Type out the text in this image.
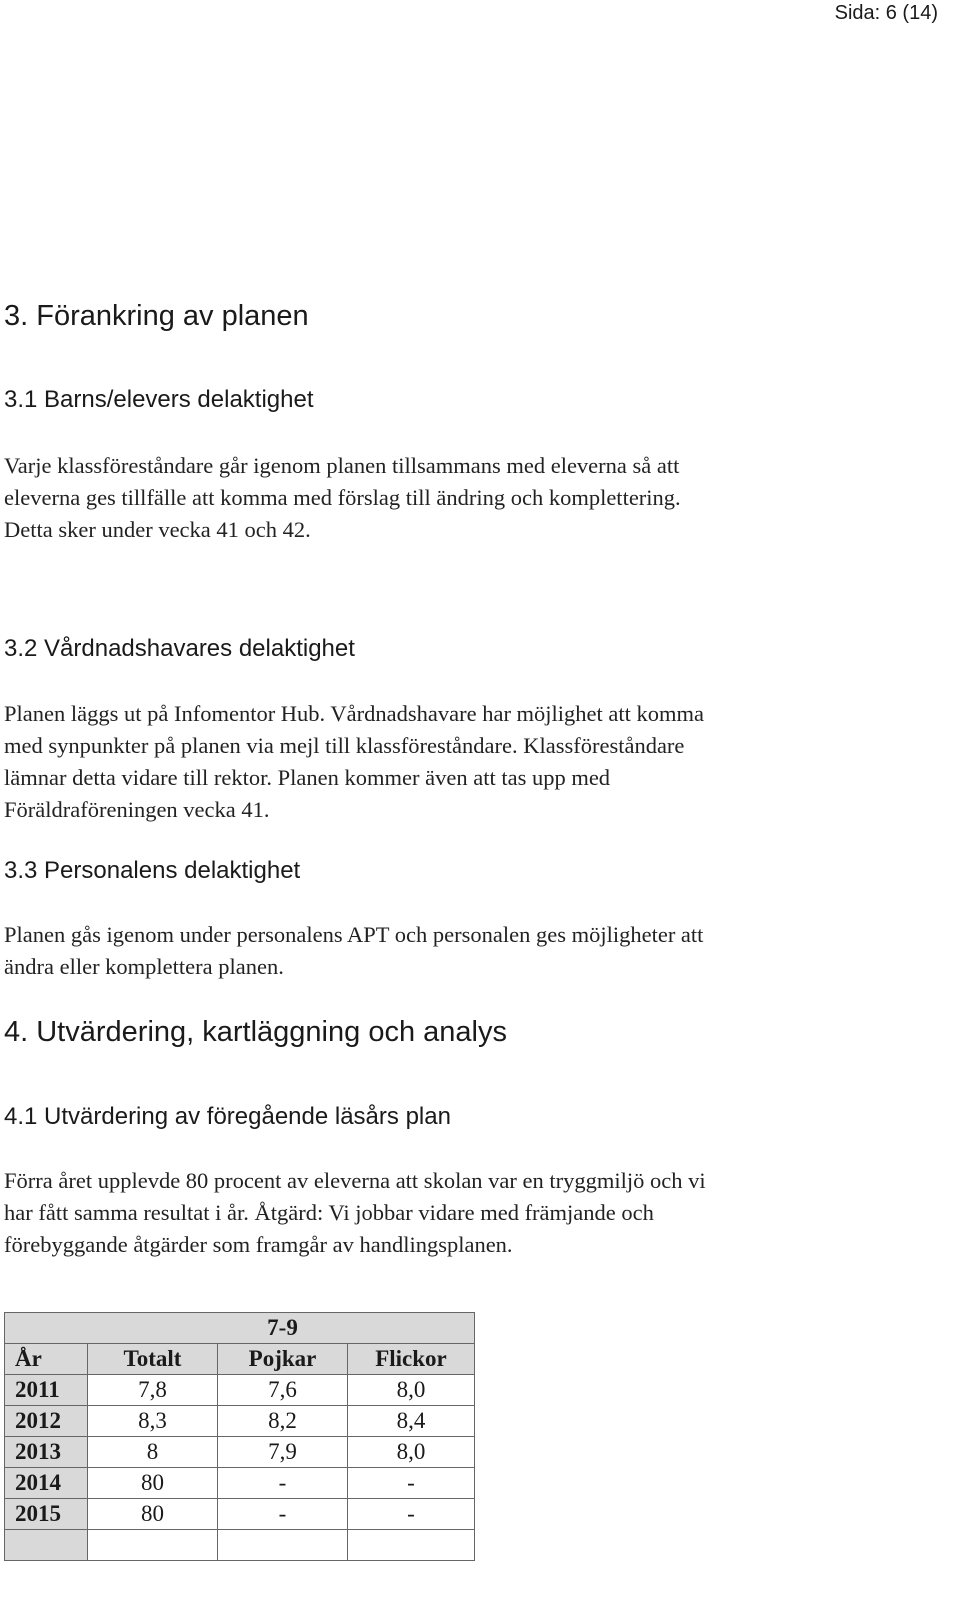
Sida: 6 (14)
3. Förankring av planen
3.1 Barns/elevers delaktighet

Varje klassföreståndare går igenom planen tillsammans med eleverna så att

eleverna ges tillfälle att komma med förslag till ändring och komplettering.

Detta sker under vecka 41 och 42.

3.2 Vårdnadshavares delaktighet

Planen läggs ut på Infomentor Hub. Vårdnadshavare har möjlighet att komma

med synpunkter på planen via mejl till klassföreståndare. Klassföreståndare

lämnar detta vidare till rektor. Planen kommer även att tas upp med

Föräldraföreningen vecka 41.

3.3 Personalens delaktighet

Planen gås igenom under personalens APT och personalen ges möjligheter att

ändra eller komplettera planen.

4. Utvärdering, kartläggning och analys
4.1 Utvärdering av föregående läsårs plan

Förra året upplevde 80 procent av eleverna att skolan var en tryggmiljö och vi

har fått samma resultat i år. Åtgärd: Vi jobbar vidare med främjande och

förebyggande åtgärder som framgår av handlingsplanen.

		7-9	
År	Totalt	Pojkar	Flickor
2011	7,8	7,6	8,0
2012	8,3	8,2	8,4
2013	8	7,9	8,0
2014	80	-	-
2015	80	-	-
